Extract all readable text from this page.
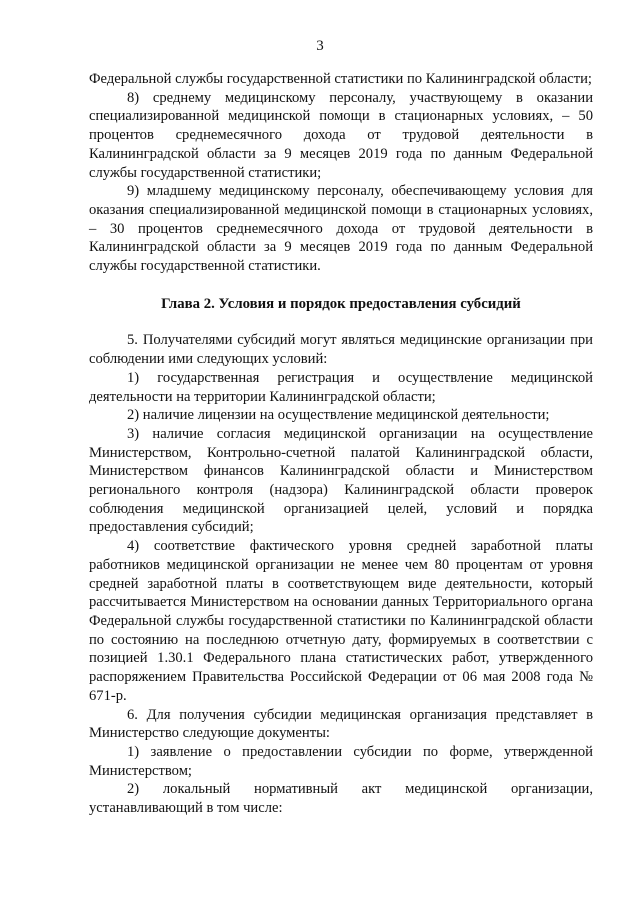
3

Федеральной службы государственной статистики по Калининградской области;

8) среднему медицинскому персоналу, участвующему в оказании специализированной медицинской помощи в стационарных условиях, – 50 процентов среднемесячного дохода от трудовой деятельности в Калининградской области за 9 месяцев 2019 года по данным Федеральной службы государственной статистики;

9) младшему медицинскому персоналу, обеспечивающему условия для оказания специализированной медицинской помощи в стационарных условиях, – 30 процентов среднемесячного дохода от трудовой деятельности в Калининградской области за 9 месяцев 2019 года по данным Федеральной службы государственной статистики.

Глава 2. Условия и порядок предоставления субсидий

5. Получателями субсидий могут являться медицинские организации при соблюдении ими следующих условий:

1) государственная регистрация и осуществление медицинской деятельности на территории Калининградской области;

2) наличие лицензии на осуществление медицинской деятельности;

3) наличие согласия медицинской организации на осуществление Министерством, Контрольно-счетной палатой Калининградской области, Министерством финансов Калининградской области и Министерством регионального контроля (надзора) Калининградской области проверок соблюдения медицинской организацией целей, условий и порядка предоставления субсидий;

4) соответствие фактического уровня средней заработной платы работников медицинской организации не менее чем 80 процентам от уровня средней заработной платы в соответствующем виде деятельности, который рассчитывается Министерством на основании данных Территориального органа Федеральной службы государственной статистики по Калининградской области по состоянию на последнюю отчетную дату, формируемых в соответствии с позицией 1.30.1 Федерального плана статистических работ, утвержденного распоряжением Правительства Российской Федерации от 06 мая 2008 года № 671-р.

6. Для получения субсидии медицинская организация представляет в Министерство следующие документы:

1) заявление о предоставлении субсидии по форме, утвержденной Министерством;

2) локальный нормативный акт медицинской организации, устанавливающий в том числе:
